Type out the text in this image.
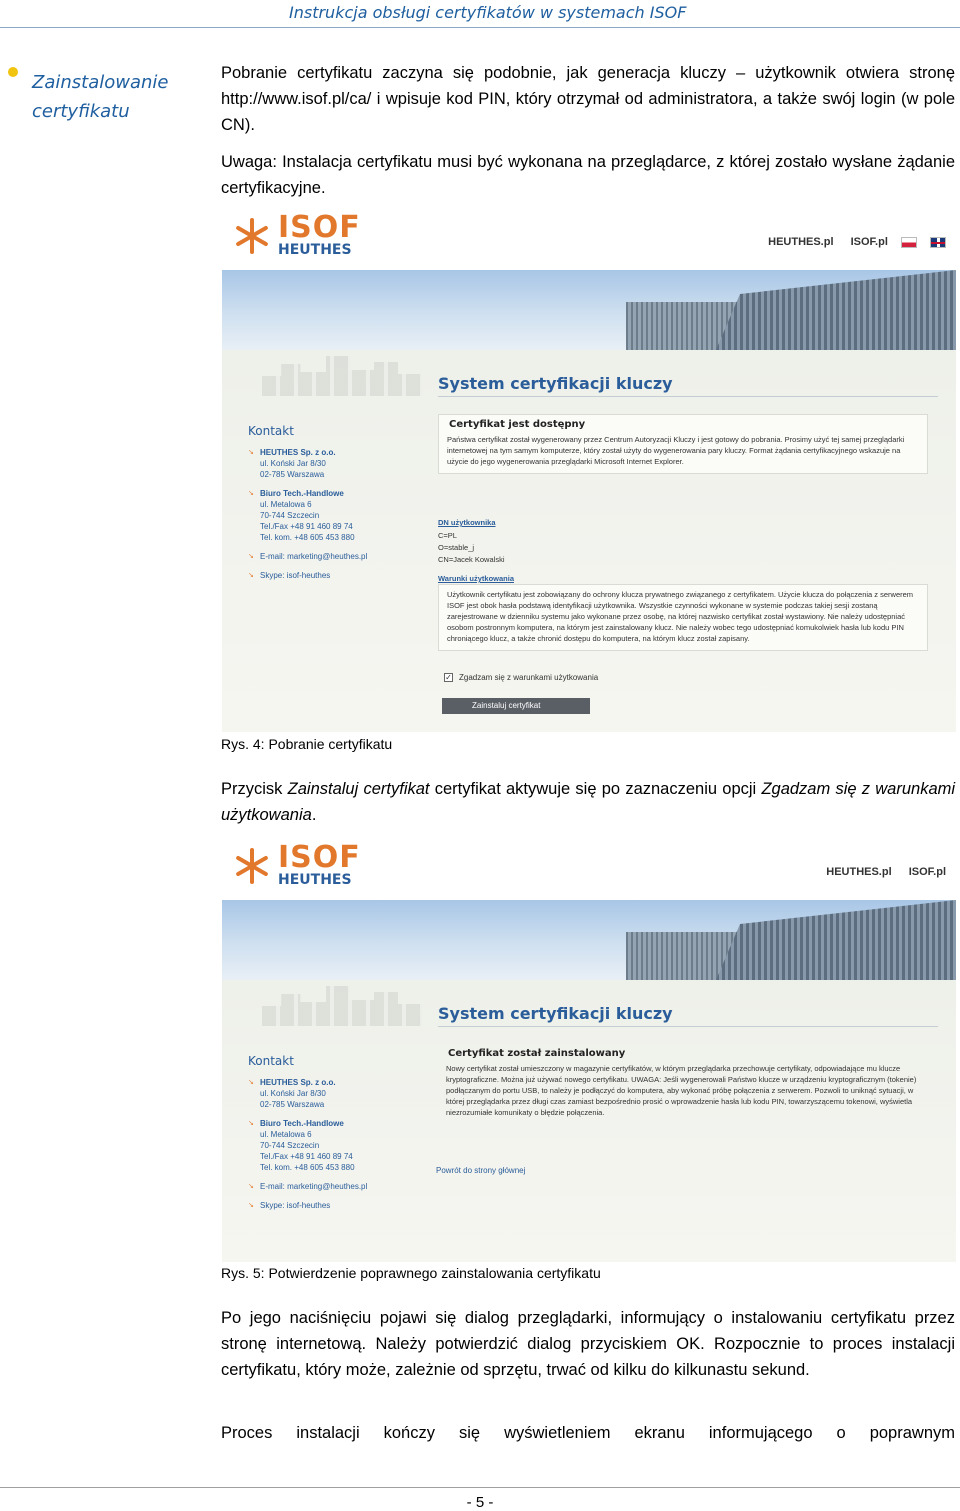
Instrukcja obsługi certyfikatów w systemach ISOF
Zainstalowanie certyfikatu
Pobranie certyfikatu zaczyna się podobnie, jak generacja kluczy – użytkownik otwiera stronę http://www.isof.pl/ca/ i wpisuje kod PIN, który otrzymał od administratora, a także swój login (w pole CN).
Uwaga: Instalacja certyfikatu musi być wykonana na przeglądarce, z której zostało wysłane żądanie certyfikacyjne.
ISOF
HEUTHES	HEUTHES.pl ISOF.pl
System certyfikacji kluczy
Kontakt
↘ HEUTHES Sp. z o.o.
ul. Koński Jar 8/30
02-785 Warszawa
↘ Biuro Tech.-Handlowe
ul. Metalowa 6
70-744 Szczecin
Tel./Fax +48 91 460 89 74
Tel. kom. +48 605 453 880
↘ E-mail: marketing@heuthes.pl
↘ Skype: isof-heuthes
Certyfikat jest dostępny
Państwa certyfikat został wygenerowany przez Centrum Autoryzacji Kluczy i jest gotowy do pobrania. Prosimy użyć tej samej przeglądarki internetowej na tym samym komputerze, który został użyty do wygenerowania pary kluczy. Format żądania certyfikacyjnego wskazuje na użycie do jego wygenerowania przeglądarki Microsoft Internet Explorer.
DN użytkownika
C=PL
O=stable_j
CN=Jacek Kowalski
Warunki użytkowania
Użytkownik certyfikatu jest zobowiązany do ochrony klucza prywatnego związanego z certyfikatem. Użycie klucza do połączenia z serwerem ISOF jest obok hasła podstawą identyfikacji użytkownika. Wszystkie czynności wykonane w systemie podczas takiej sesji zostaną zarejestrowane w dzienniku systemu jako wykonane przez osobę, na której nazwisko certyfikat został wystawiony. Nie należy udostępniać osobom postronnym komputera, na którym jest zainstalowany klucz. Nie należy wobec tego udostępniać komukolwiek hasła lub kodu PIN chroniącego klucz, a także chronić dostępu do komputera, na którym klucz został zapisany.
✓ Zgadzam się z warunkami użytkowania
Zainstaluj certyfikat
Rys. 4: Pobranie certyfikatu
Przycisk Zainstaluj certyfikat certyfikat aktywuje się po zaznaczeniu opcji Zgadzam się z warunkami użytkowania.
ISOF
HEUTHES	HEUTHES.pl ISOF.pl
System certyfikacji kluczy
Kontakt
↘ HEUTHES Sp. z o.o.
ul. Koński Jar 8/30
02-785 Warszawa
↘ Biuro Tech.-Handlowe
ul. Metalowa 6
70-744 Szczecin
Tel./Fax +48 91 460 89 74
Tel. kom. +48 605 453 880
↘ E-mail: marketing@heuthes.pl
↘ Skype: isof-heuthes
Certyfikat został zainstalowany
Nowy certyfikat został umieszczony w magazynie certyfikatów, w którym przeglądarka przechowuje certyfikaty, odpowiadające mu klucze kryptograficzne. Można już używać nowego certyfikatu. UWAGA: Jeśli wygenerowali Państwo klucze w urządzeniu kryptograficznym (tokenie) podłączanym do portu USB, to należy je podłączyć do komputera, aby wykonać próbę połączenia z serwerem. Pozwoli to uniknąć sytuacji, w której przeglądarka przez długi czas zamiast bezpośrednio prosić o wprowadzenie hasła lub kodu PIN, towarzyszącemu tokenowi, wyświetla niezrozumiałe komunikaty o błędzie połączenia.
Powrót do strony głównej
Rys. 5: Potwierdzenie poprawnego zainstalowania certyfikatu
Po jego naciśnięciu pojawi się dialog przeglądarki, informujący o instalowaniu certyfikatu przez stronę internetową. Należy potwierdzić dialog przyciskiem OK. Rozpocznie to proces instalacji certyfikatu, który może, zależnie od sprzętu, trwać od kilku do kilkunastu sekund.
Proces instalacji kończy się wyświetleniem ekranu informującego o poprawnym
- 5 -
